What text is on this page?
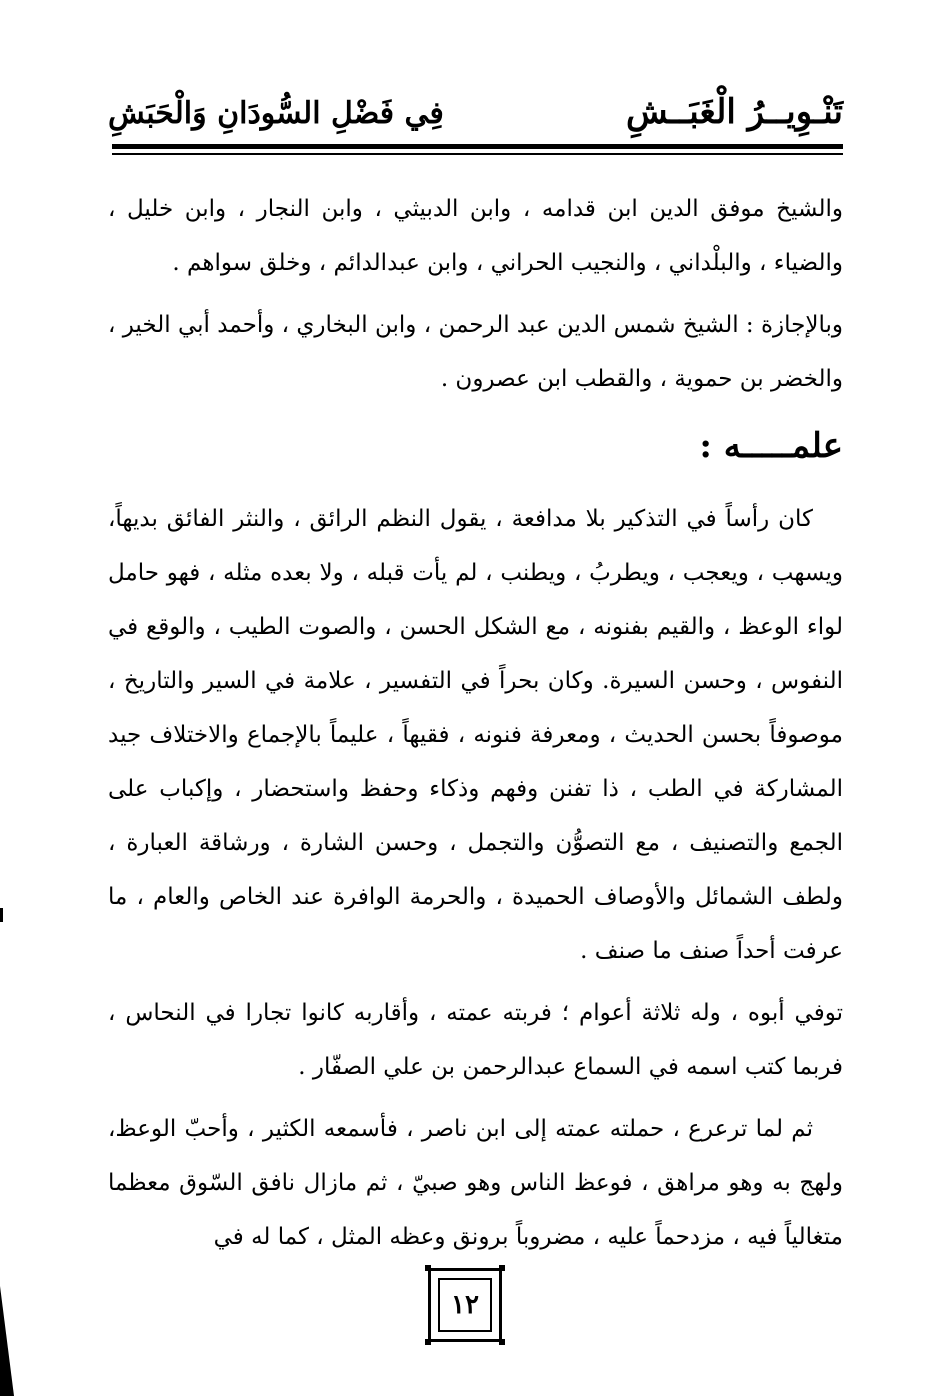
تَنْـوِيــرُ الْغَبَــشِ
فِي فَضْلِ السُّودَانِ وَالْحَبَشِ

والشيخ موفق الدين ابن قدامه ، وابن الدبيثي ، وابن النجار ، وابن خليل ، والضياء ، والبلْداني ، والنجيب الحراني ، وابن عبدالدائم ، وخلق سواهم .

وبالإجازة : الشيخ شمس الدين عبد الرحمن ، وابن البخاري ، وأحمد أبي الخير ، والخضر بن حموية ، والقطب ابن عصرون .

علمـــــه :

كان رأساً في التذكير بلا مدافعة ، يقول النظم الرائق ، والنثر الفائق بديهاً، ويسهب ، ويعجب ، ويطربُ ، ويطنب ، لم يأت قبله ، ولا بعده مثله ، فهو حامل لواء الوعظ ، والقيم بفنونه ، مع الشكل الحسن ، والصوت الطيب ، والوقع في النفوس ، وحسن السيرة. وكان بحراً في التفسير ، علامة في السير والتاريخ ، موصوفاً بحسن الحديث ، ومعرفة فنونه ، فقيهاً ، عليماً بالإجماع والاختلاف جيد المشاركة في الطب ، ذا تفنن وفهم وذكاء وحفظ واستحضار ، وإكباب على الجمع والتصنيف ، مع التصوُّن والتجمل ، وحسن الشارة ، ورشاقة العبارة ، ولطف الشمائل والأوصاف الحميدة ، والحرمة الوافرة عند الخاص والعام ، ما عرفت أحداً صنف ما صنف .

توفي أبوه ، وله ثلاثة أعوام ؛ فربته عمته ، وأقاربه كانوا تجارا في النحاس ، فربما كتب اسمه في السماع عبدالرحمن بن علي الصفّار .

ثم لما ترعرع ، حملته عمته إلى ابن ناصر ، فأسمعه الكثير ، وأحبّ الوعظ، ولهج به وهو مراهق ، فوعظ الناس وهو صبيّ ، ثم مازال نافق السّوق معظما متغالياً فيه ، مزدحماً عليه ، مضروباً برونق وعظه المثل ، كما له في

١٢
